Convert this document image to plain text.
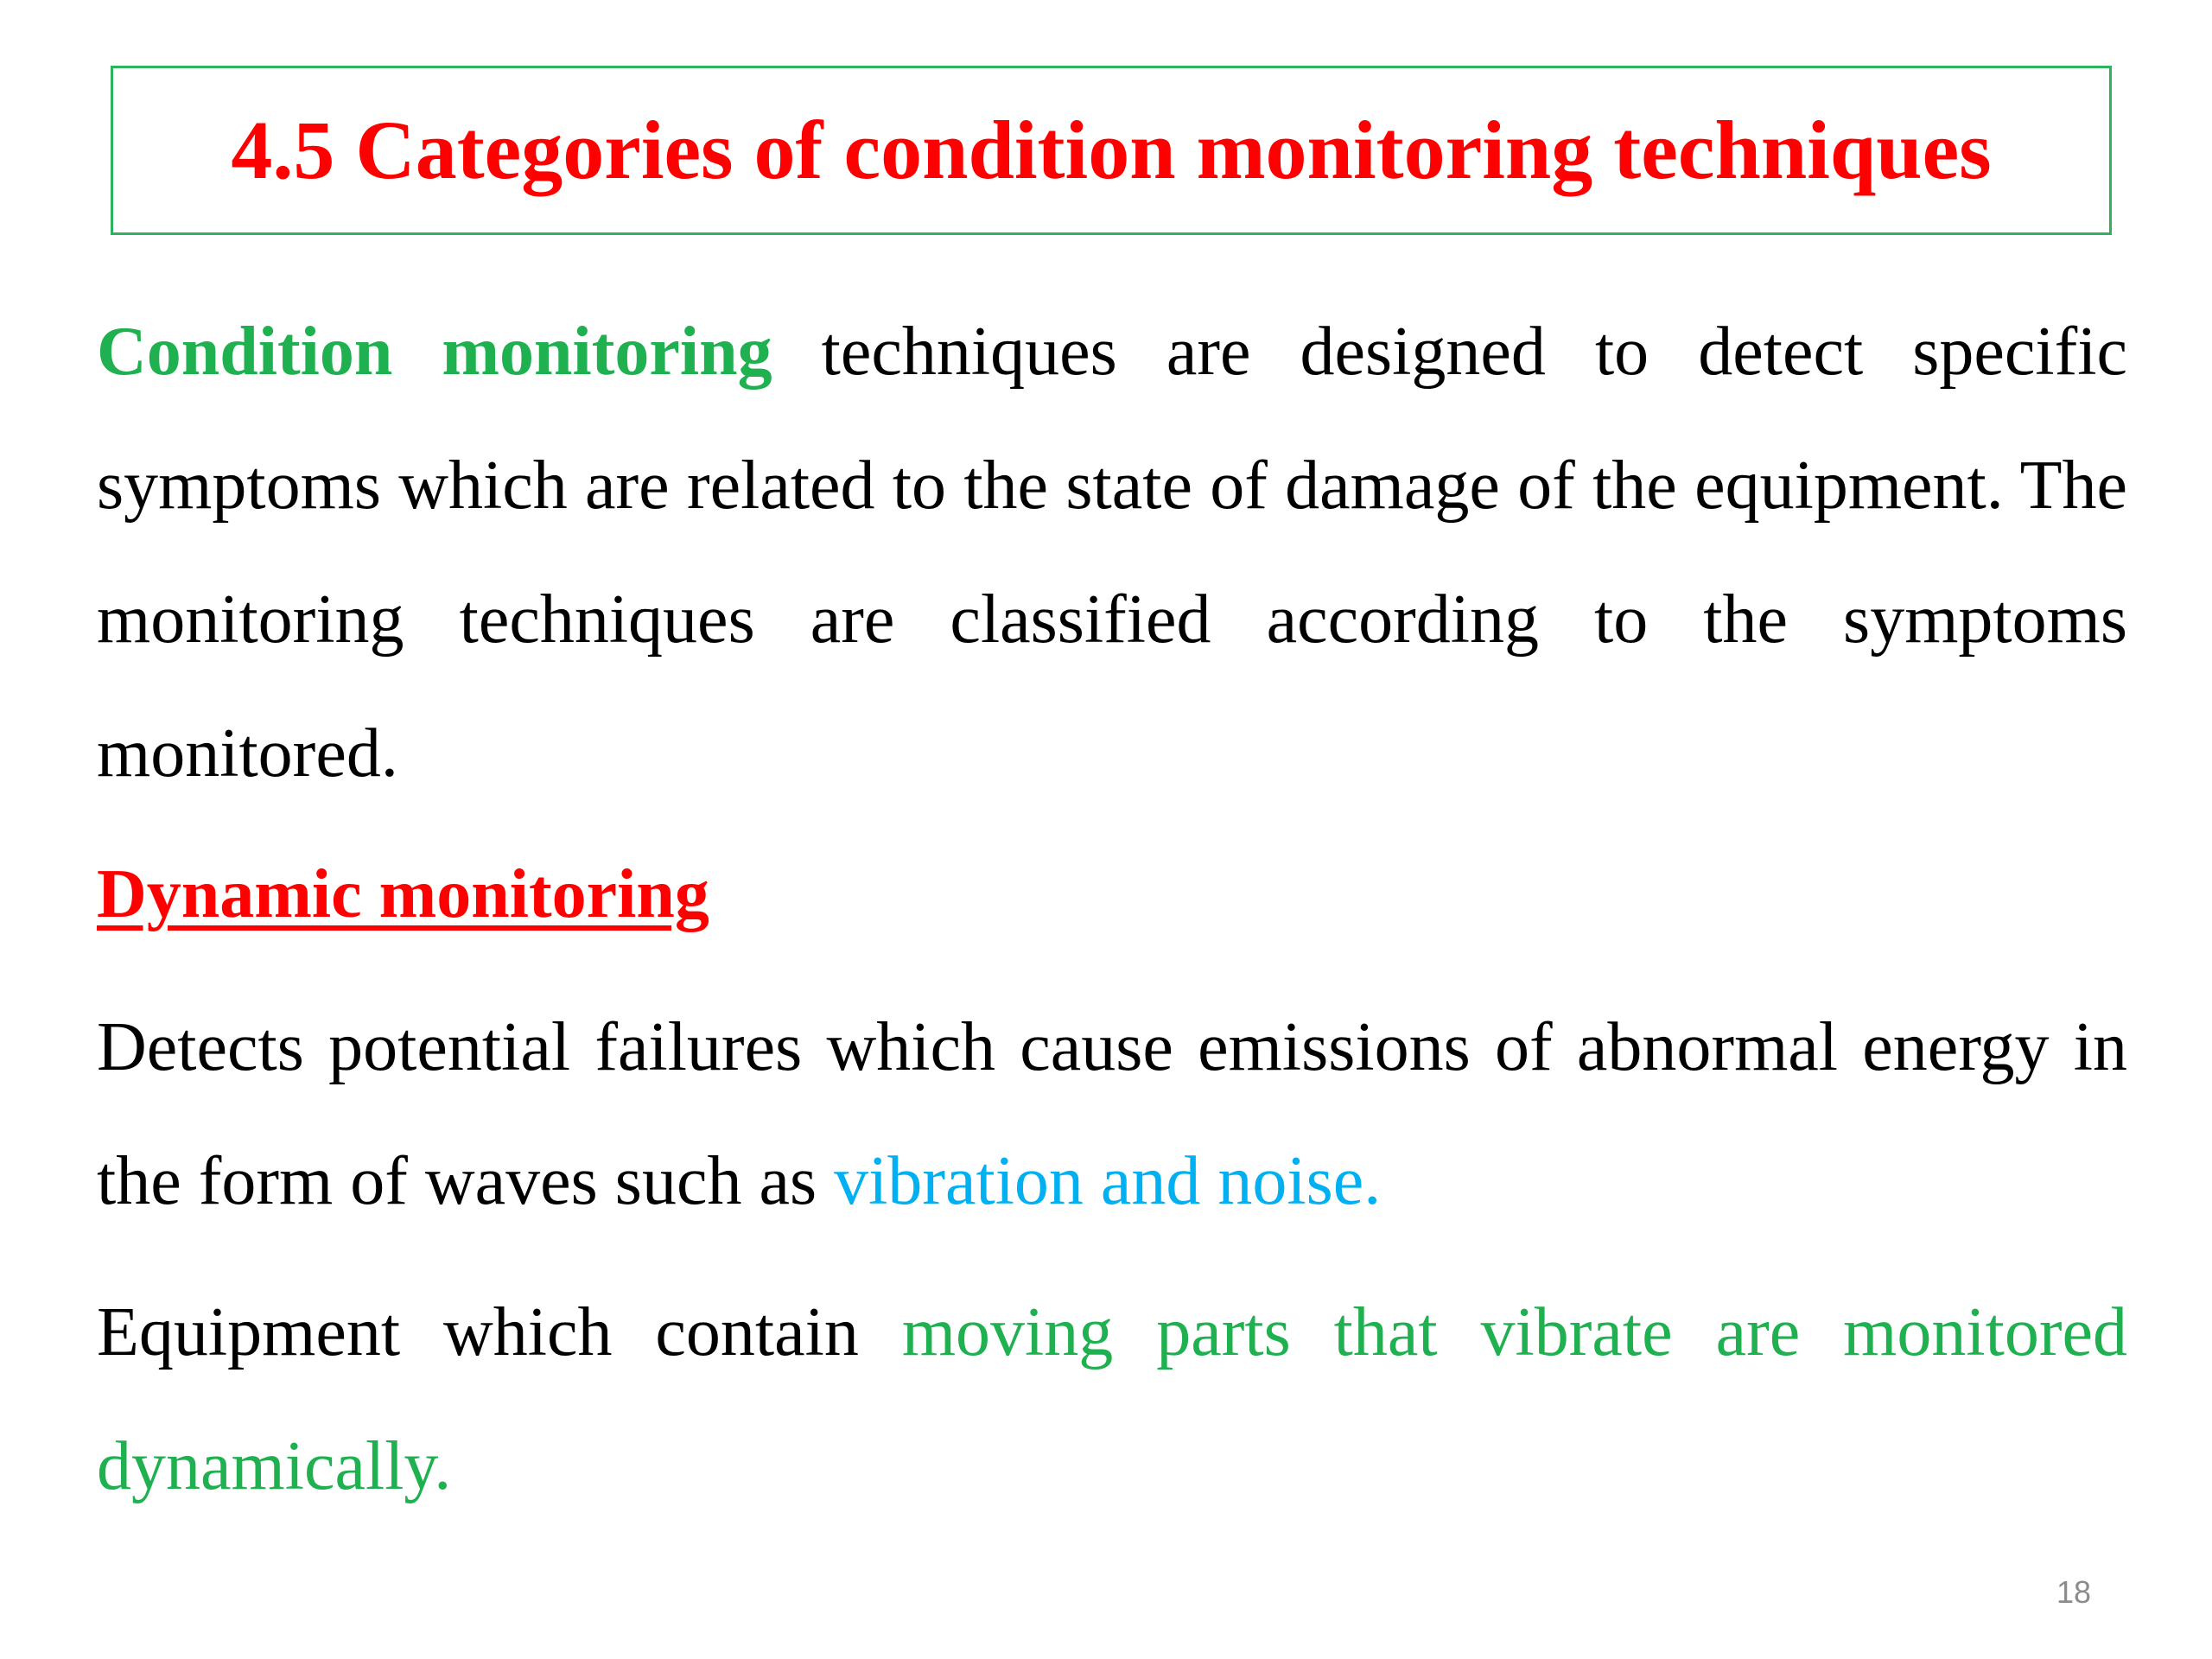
4.5 Categories of condition monitoring techniques

Condition monitoring techniques are designed to detect specific symptoms which are related to the state of damage of the equipment. The monitoring techniques are classified according to the symptoms monitored.

Dynamic monitoring

Detects potential failures which cause emissions of abnormal energy in the form of waves such as vibration and noise.

Equipment which contain moving parts that vibrate are monitored dynamically.

18
